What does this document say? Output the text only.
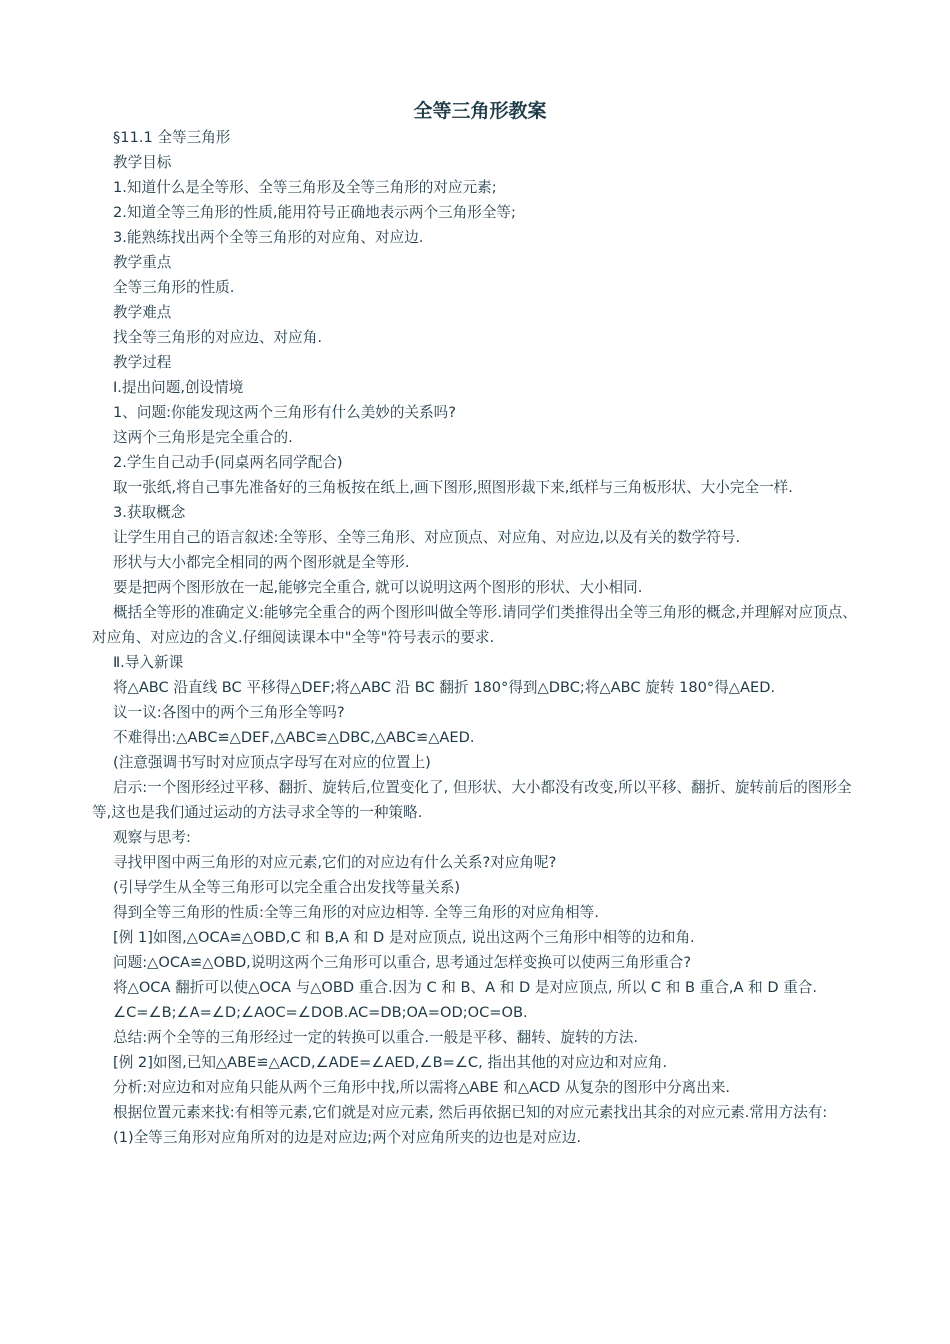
全等三角形教案

§11.1 全等三角形

教学目标

1.知道什么是全等形、全等三角形及全等三角形的对应元素;

2.知道全等三角形的性质,能用符号正确地表示两个三角形全等;

3.能熟练找出两个全等三角形的对应角、对应边.

教学重点

全等三角形的性质.

教学难点

找全等三角形的对应边、对应角.

教学过程

Ⅰ.提出问题,创设情境

1、问题:你能发现这两个三角形有什么美妙的关系吗?

这两个三角形是完全重合的.

2.学生自己动手(同桌两名同学配合)

取一张纸,将自己事先准备好的三角板按在纸上,画下图形,照图形裁下来,纸样与三角板形状、大小完全一样.

3.获取概念

让学生用自己的语言叙述:全等形、全等三角形、对应顶点、对应角、对应边,以及有关的数学符号.

形状与大小都完全相同的两个图形就是全等形.

要是把两个图形放在一起,能够完全重合, 就可以说明这两个图形的形状、大小相同.

概括全等形的准确定义:能够完全重合的两个图形叫做全等形.请同学们类推得出全等三角形的概念,并理解对应顶点、对应角、对应边的含义.仔细阅读课本中"全等"符号表示的要求.

Ⅱ.导入新课

将△ABC 沿直线 BC 平移得△DEF;将△ABC 沿 BC 翻折 180°得到△DBC;将△ABC 旋转 180°得△AED.

议一议:各图中的两个三角形全等吗?

不难得出:△ABC≌△DEF,△ABC≌△DBC,△ABC≌△AED.

(注意强调书写时对应顶点字母写在对应的位置上)

启示:一个图形经过平移、翻折、旋转后,位置变化了, 但形状、大小都没有改变,所以平移、翻折、旋转前后的图形全等,这也是我们通过运动的方法寻求全等的一种策略.

观察与思考:

寻找甲图中两三角形的对应元素,它们的对应边有什么关系?对应角呢?

(引导学生从全等三角形可以完全重合出发找等量关系)

得到全等三角形的性质:全等三角形的对应边相等. 全等三角形的对应角相等.

[例 1]如图,△OCA≌△OBD,C 和 B,A 和 D 是对应顶点, 说出这两个三角形中相等的边和角.

问题:△OCA≌△OBD,说明这两个三角形可以重合, 思考通过怎样变换可以使两三角形重合?

将△OCA 翻折可以使△OCA 与△OBD 重合.因为 C 和 B、A 和 D 是对应顶点, 所以 C 和 B 重合,A 和 D 重合.

∠C=∠B;∠A=∠D;∠AOC=∠DOB.AC=DB;OA=OD;OC=OB.

总结:两个全等的三角形经过一定的转换可以重合.一般是平移、翻转、旋转的方法.

[例 2]如图,已知△ABE≌△ACD,∠ADE=∠AED,∠B=∠C, 指出其他的对应边和对应角.

分析:对应边和对应角只能从两个三角形中找,所以需将△ABE 和△ACD 从复杂的图形中分离出来.

根据位置元素来找:有相等元素,它们就是对应元素, 然后再依据已知的对应元素找出其余的对应元素.常用方法有:

(1)全等三角形对应角所对的边是对应边;两个对应角所夹的边也是对应边.
